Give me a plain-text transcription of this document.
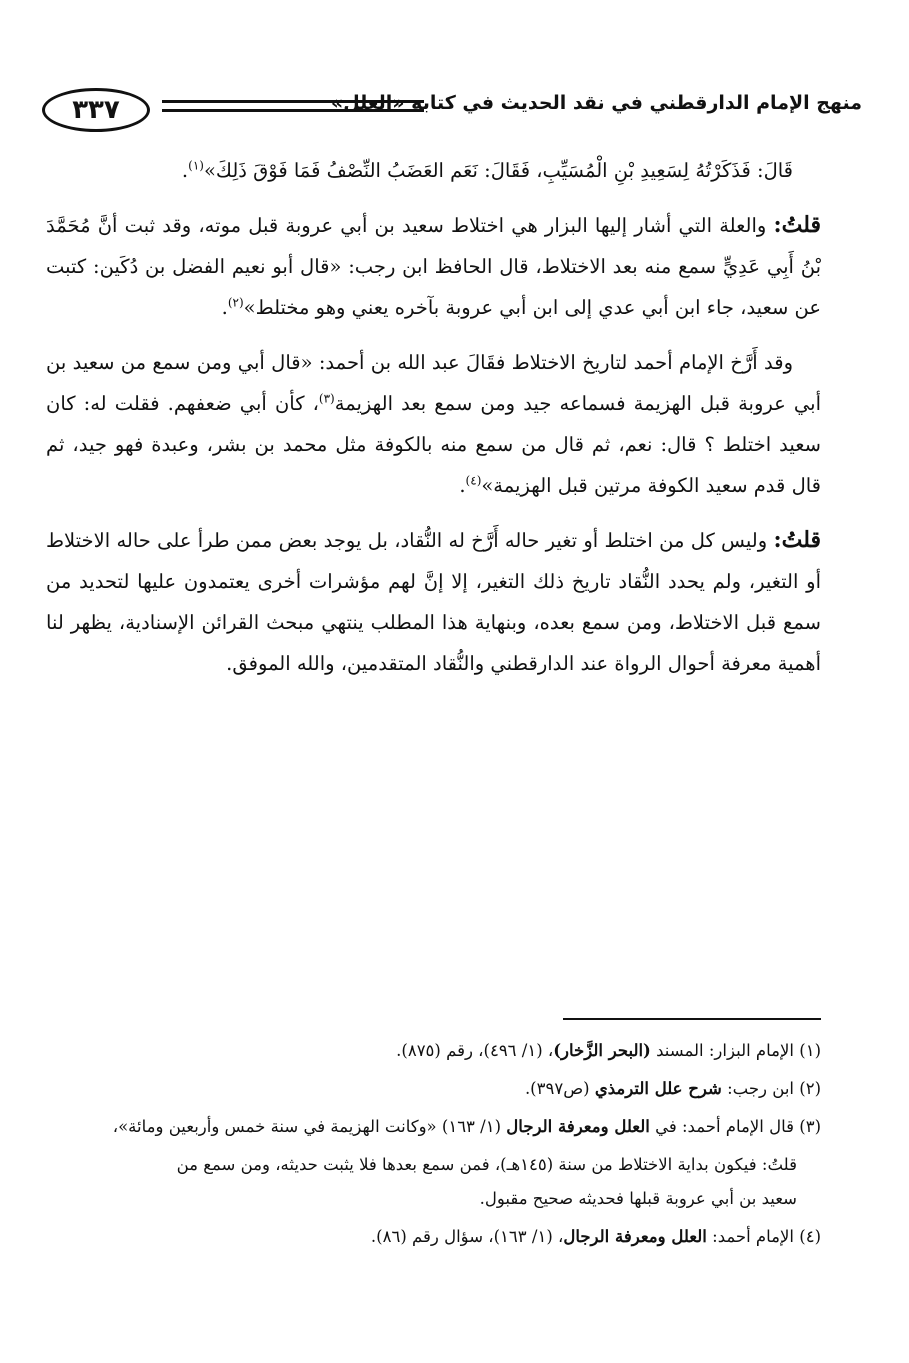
٣٣٧	منهج الإمام الدارقطني في نقد الحديث في كتابه «العلل»

قَالَ: فَذَكَرْتُهُ لِسَعِيدِ بْنِ الْمُسَيِّبِ، فَقَالَ: نَعَم العَضَبُ النِّصْفُ فَمَا فَوْقَ ذَلِكَ»$^{(١)}$.

قلتُ: والعلة التي أشار إليها البزار هي اختلاط سعيد بن أبي عروبة قبل موته، وقد ثبت أنَّ مُحَمَّدَ بْنُ أَبِي عَدِيٍّ سمع منه بعد الاختلاط، قال الحافظ ابن رجب: «قال أبو نعيم الفضل بن دُكَين: كتبت عن سعيد، جاء ابن أبي عدي إلى ابن أبي عروبة بآخره يعني وهو مختلط»$^{(٢)}$.

وقد أَرَّخ الإمام أحمد لتاريخ الاختلاط فقَالَ عبد الله بن أحمد: «قال أبي ومن سمع من سعيد بن أبي عروبة قبل الهزيمة فسماعه جيد ومن سمع بعد الهزيمة$^{(٣)}$، كأن أبي ضعفهم. فقلت له: كان سعيد اختلط ؟ قال: نعم، ثم قال من سمع منه بالكوفة مثل محمد بن بشر، وعبدة فهو جيد، ثم قال قدم سعيد الكوفة مرتين قبل الهزيمة»$^{(٤)}$.

قلتُ: وليس كل من اختلط أو تغير حاله أَرَّخ له النُّقاد، بل يوجد بعض ممن طرأ على حاله الاختلاط أو التغير، ولم يحدد النُّقاد تاريخ ذلك التغير، إلا إنَّ لهم مؤشرات أخرى يعتمدون عليها لتحديد من سمع قبل الاختلاط، ومن سمع بعده، وبنهاية هذا المطلب ينتهي مبحث القرائن الإسنادية، يظهر لنا أهمية معرفة أحوال الرواة عند الدارقطني والنُّقاد المتقدمين، والله الموفق.

(١) الإمام البزار: المسند (البحر الزَّخار)، (١/ ٤٩٦)، رقم (٨٧٥).

(٢) ابن رجب: شرح علل الترمذي (ص٣٩٧).

(٣) قال الإمام أحمد: في العلل ومعرفة الرجال (١/ ١٦٣) «وكانت الهزيمة في سنة خمس وأربعين ومائة»،

قلتُ: فيكون بداية الاختلاط من سنة (١٤٥هـ)، فمن سمع بعدها فلا يثبت حديثه، ومن سمع من

سعيد بن أبي عروبة قبلها فحديثه صحيح مقبول.

(٤) الإمام أحمد: العلل ومعرفة الرجال، (١/ ١٦٣)، سؤال رقم (٨٦).
